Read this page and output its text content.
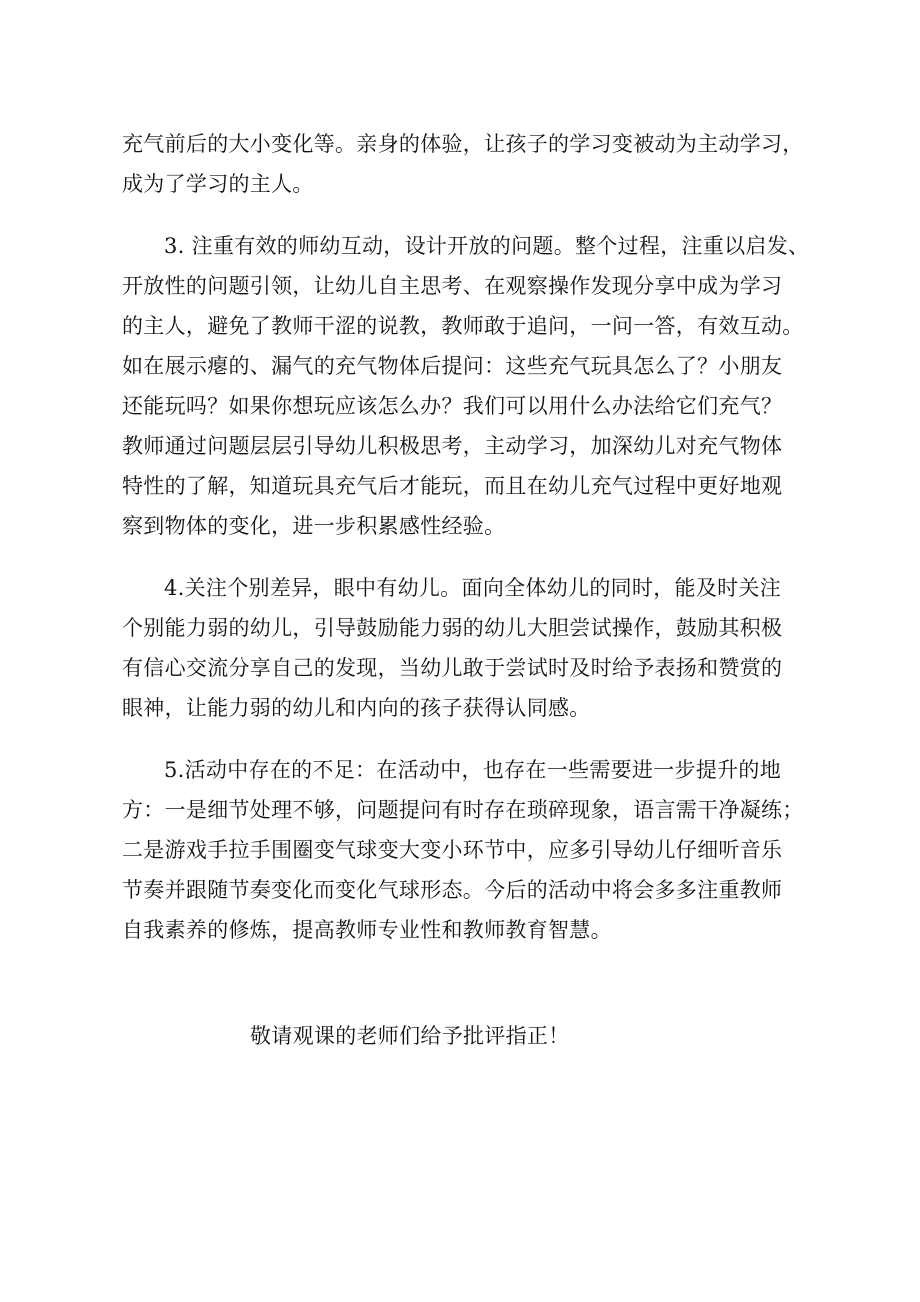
充气前后的大小变化等。亲身的体验，让孩子的学习变被动为主动学习，
成为了学习的主人。
3. 注重有效的师幼互动，设计开放的问题。整个过程，注重以启发、
开放性的问题引领，让幼儿自主思考、在观察操作发现分享中成为学习
的主人，避免了教师干涩的说教，教师敢于追问，一问一答，有效互动。
如在展示瘪的、漏气的充气物体后提问：这些充气玩具怎么了？小朋友
还能玩吗？如果你想玩应该怎么办？我们可以用什么办法给它们充气？
教师通过问题层层引导幼儿积极思考，主动学习，加深幼儿对充气物体
特性的了解，知道玩具充气后才能玩，而且在幼儿充气过程中更好地观
察到物体的变化，进一步积累感性经验。
4.关注个别差异，眼中有幼儿。面向全体幼儿的同时，能及时关注
个别能力弱的幼儿，引导鼓励能力弱的幼儿大胆尝试操作，鼓励其积极
有信心交流分享自己的发现，当幼儿敢于尝试时及时给予表扬和赞赏的
眼神，让能力弱的幼儿和内向的孩子获得认同感。
5.活动中存在的不足：在活动中，也存在一些需要进一步提升的地
方：一是细节处理不够，问题提问有时存在琐碎现象，语言需干净凝练；
二是游戏手拉手围圈变气球变大变小环节中，应多引导幼儿仔细听音乐
节奏并跟随节奏变化而变化气球形态。今后的活动中将会多多注重教师
自我素养的修炼，提高教师专业性和教师教育智慧。
敬请观课的老师们给予批评指正！
